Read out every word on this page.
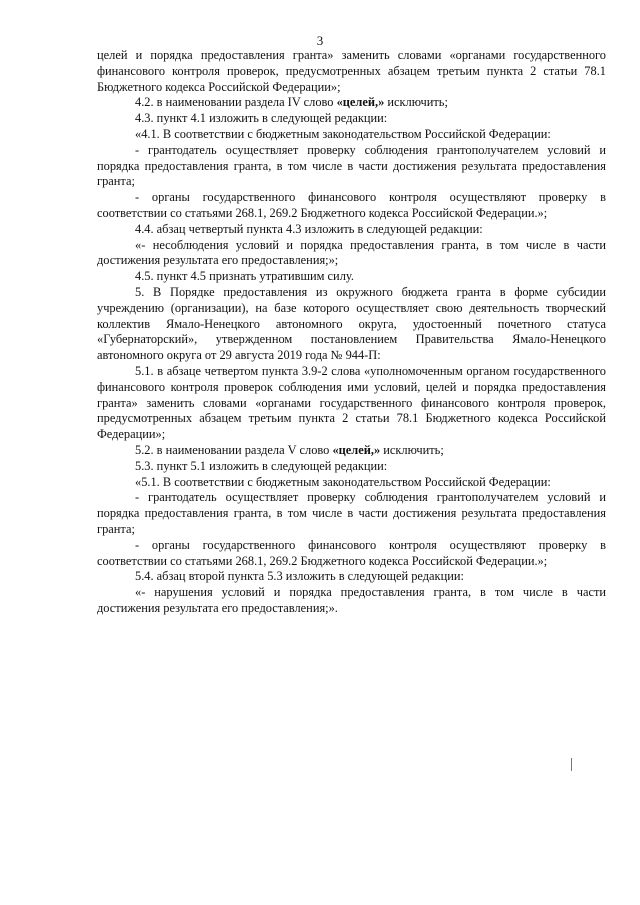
3

целей и порядка предоставления гранта» заменить словами «органами государственного финансового контроля проверок, предусмотренных абзацем третьим пункта 2 статьи 78.1 Бюджетного кодекса Российской Федерации»;

4.2. в наименовании раздела IV слово «целей,» исключить;

4.3. пункт 4.1 изложить в следующей редакции:

«4.1. В соответствии с бюджетным законодательством Российской Федерации:

- грантодатель осуществляет проверку соблюдения грантополучателем условий и порядка предоставления гранта, в том числе в части достижения результата предоставления гранта;

- органы государственного финансового контроля осуществляют проверку в соответствии со статьями 268.1, 269.2 Бюджетного кодекса Российской Федерации.»;

4.4. абзац четвертый пункта 4.3 изложить в следующей редакции:

«- несоблюдения условий и порядка предоставления гранта, в том числе в части достижения результата его предоставления;»;

4.5. пункт 4.5 признать утратившим силу.

5. В Порядке предоставления из окружного бюджета гранта в форме субсидии учреждению (организации), на базе которого осуществляет свою деятельность творческий коллектив Ямало-Ненецкого автономного округа, удостоенный почетного статуса «Губернаторский», утвержденном постановлением Правительства Ямало-Ненецкого автономного округа от 29 августа 2019 года № 944-П:

5.1. в абзаце четвертом пункта 3.9-2 слова «уполномоченным органом государственного финансового контроля проверок соблюдения ими условий, целей и порядка предоставления гранта» заменить словами «органами государственного финансового контроля проверок, предусмотренных абзацем третьим пункта 2 статьи 78.1 Бюджетного кодекса Российской Федерации»;

5.2. в наименовании раздела V слово «целей,» исключить;

5.3. пункт 5.1 изложить в следующей редакции:

«5.1. В соответствии с бюджетным законодательством Российской Федерации:

- грантодатель осуществляет проверку соблюдения грантополучателем условий и порядка предоставления гранта, в том числе в части достижения результата предоставления гранта;

- органы государственного финансового контроля осуществляют проверку в соответствии со статьями 268.1, 269.2 Бюджетного кодекса Российской Федерации.»;

5.4. абзац второй пункта 5.3 изложить в следующей редакции:

«- нарушения условий и порядка предоставления гранта, в том числе в части достижения результата его предоставления;».
